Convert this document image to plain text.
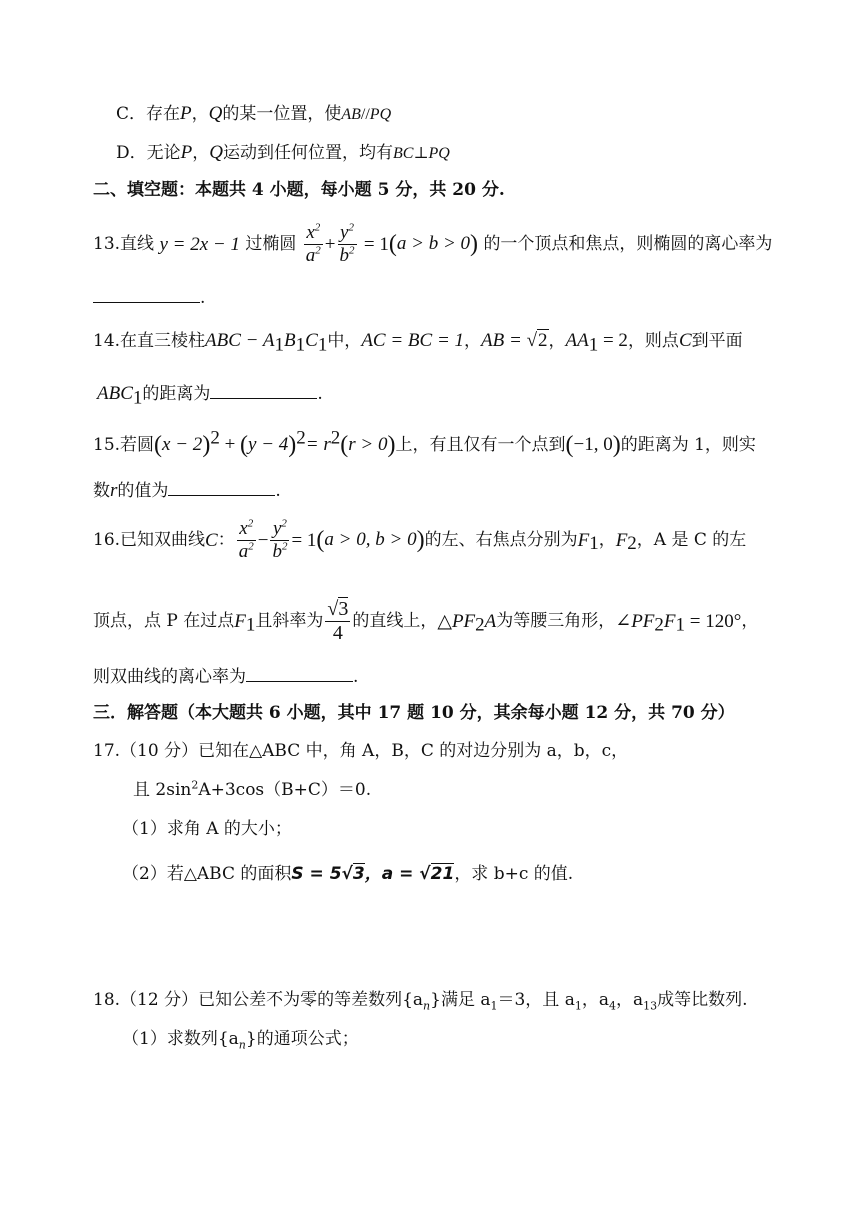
C．存在P，Q的某一位置，使AB//PQ
D．无论P，Q运动到任何位置，均有BC⊥PQ
二、填空题：本题共 4 小题，每小题 5 分，共 20 分.
13.直线 y = 2x − 1 过椭圆 $\frac{x^2}{a^2} + \frac{y^2}{b^2} = 1(a > b > 0)$ 的一个顶点和焦点，则椭圆的离心率为
.
14.在直三棱柱ABC − $A_1B_1C_1$中，AC = BC = 1，AB = √2，$AA_1 = 2$，则点C到平面
$ABC_1$的距离为	.
15.若圆$(x - 2)^2 + (y - 4)^2= r^2(r > 0)$上，有且仅有一个点到(−1, 0)的距离为 1，则实
数r的值为	.
16.已知双曲线C： $\frac{x^2}{a^2} - \frac{y^2}{b^2} = 1(a > 0$, b > 0)的左、右焦点分别为$F_1$，$F_2$，A 是 C 的左
顶点，点 P 在过点$F_1$且斜率为 $\frac{√3}{4}$ 的直线上，$\triangle PF_2A$为等腰三角形，$\angle PF_2F_1 = 120^\circ$，
则双曲线的离心率为	.
三．解答题（本大题共 6 小题，其中 17 题 10 分，其余每小题 12 分，共 70 分）
17.（10 分）已知在△ABC 中，角 A，B，C 的对边分别为 a，b，c，
且 $2\sin^2A+3\cos(B+C)=0$.
（1）求角 A 的大小；
（2）若△ABC 的面积S = 5√3，a = √21，求 b+c 的值.
18.（12 分）已知公差不为零的等差数列$\{a_n\}$满足 $a_1=3$，且 $a_1$，$a_4$，$a_{13}$成等比数列.
（1）求数列$\{a_n\}$的通项公式；
